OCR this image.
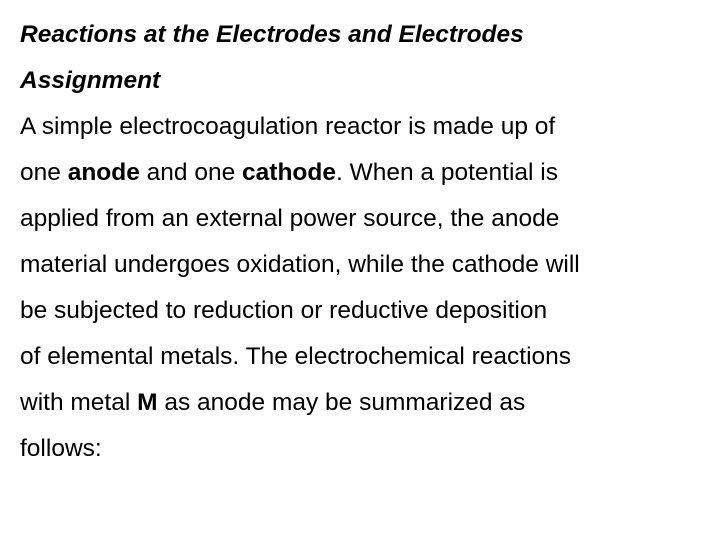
Reactions at the Electrodes and Electrodes
Assignment

A simple electrocoagulation reactor is made up of
one anode and one cathode. When a potential is
applied from an external power source, the anode
material undergoes oxidation, while the cathode will
be subjected to reduction or reductive deposition
of elemental metals. The electrochemical reactions
with metal M as anode may be summarized as
follows:
